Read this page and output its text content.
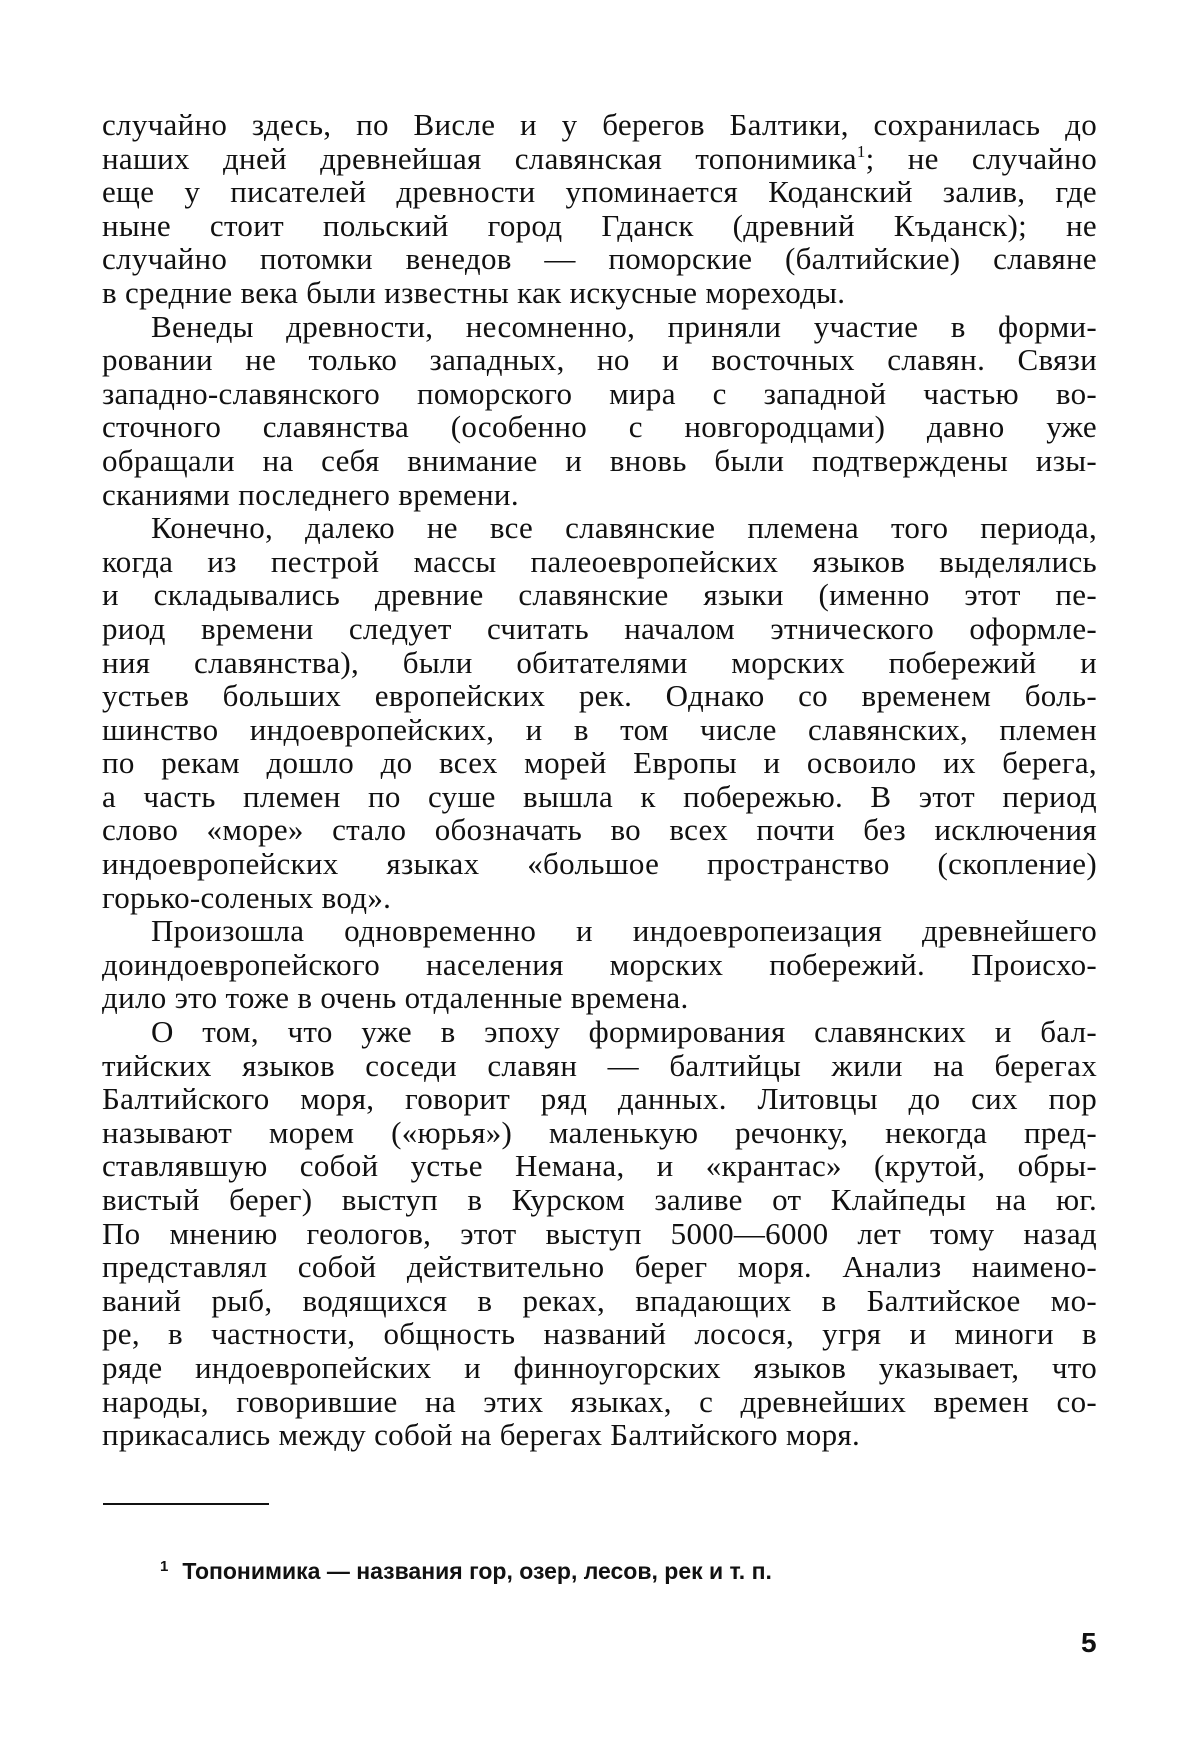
случайно здесь, по Висле и у берегов Балтики, сохранилась до
наших дней древнейшая славянская топонимика$^1$; не случайно
еще у писателей древности упоминается Коданский залив, где
ныне стоит польский город Гданск (древний Къданск); не
случайно потомки венедов — поморские (балтийские) славяне
в средние века были известны как искусные мореходы.
Венеды древности, несомненно, приняли участие в форми-
ровании не только западных, но и восточных славян. Связи
западно-славянского поморского мира с западной частью во-
сточного славянства (особенно с новгородцами) давно уже
обращали на себя внимание и вновь были подтверждены изы-
сканиями последнего времени.
Конечно, далеко не все славянские племена того периода,
когда из пестрой массы палеоевропейских языков выделялись
и складывались древние славянские языки (именно этот пе-
риод времени следует считать началом этнического оформле-
ния славянства), были обитателями морских побережий и
устьев больших европейских рек. Однако со временем боль-
шинство индоевропейских, и в том числе славянских, племен
по рекам дошло до всех морей Европы и освоило их берега,
а часть племен по суше вышла к побережью. В этот период
слово «море» стало обозначать во всех почти без исключения
индоевропейских языках «большое пространство (скопление)
горько-соленых вод».
Произошла одновременно и индоевропеизация древнейшего
доиндоевропейского населения морских побережий. Происхо-
дило это тоже в очень отдаленные времена.
О том, что уже в эпоху формирования славянских и бал-
тийских языков соседи славян — балтийцы жили на берегах
Балтийского моря, говорит ряд данных. Литовцы до сих пор
называют морем («юрья») маленькую речонку, некогда пред-
ставлявшую собой устье Немана, и «крантас» (крутой, обры-
вистый берег) выступ в Курском заливе от Клайпеды на юг.
По мнению геологов, этот выступ 5000—6000 лет тому назад
представлял собой действительно берег моря. Анализ наимено-
ваний рыб, водящихся в реках, впадающих в Балтийское мо-
ре, в частности, общность названий лосося, угря и миноги в
ряде индоевропейских и финноугорских языков указывает, что
народы, говорившие на этих языках, с древнейших времен со-
прикасались между собой на берегах Балтийского моря.
1 Топонимика — названия гор, озер, лесов, рек и т. п.
5
